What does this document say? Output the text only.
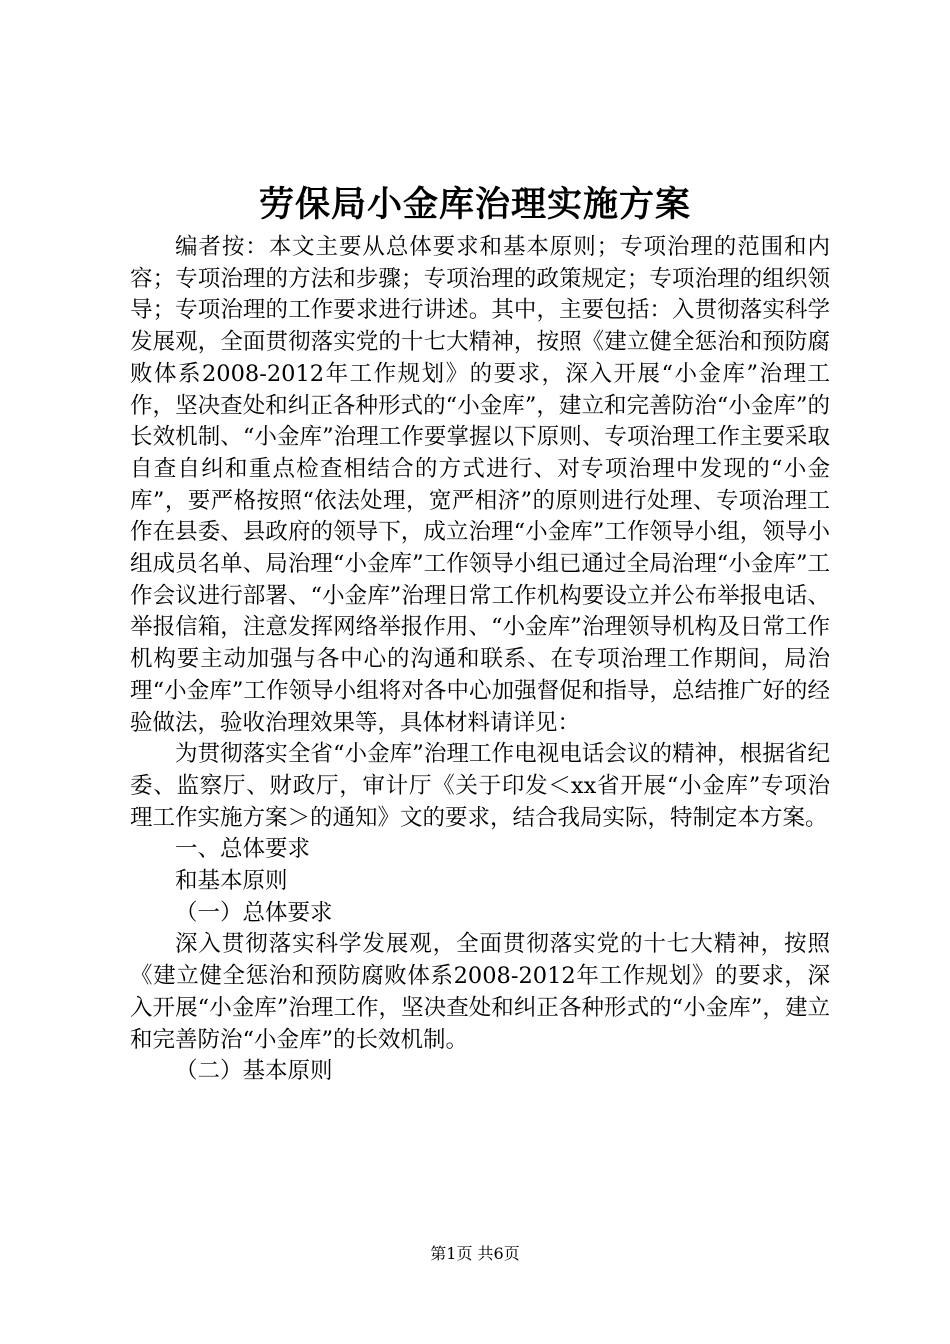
劳保局小金库治理实施方案

编者按：本文主要从总体要求和基本原则；专项治理的范围和内容；专项治理的方法和步骤；专项治理的政策规定；专项治理的组织领导；专项治理的工作要求进行讲述。其中，主要包括：入贯彻落实科学发展观，全面贯彻落实党的十七大精神，按照《建立健全惩治和预防腐败体系2008-2012年工作规划》的要求，深入开展“小金库”治理工作，坚决查处和纠正各种形式的“小金库”，建立和完善防治“小金库”的长效机制、“小金库”治理工作要掌握以下原则、专项治理工作主要采取自查自纠和重点检查相结合的方式进行、对专项治理中发现的“小金库”，要严格按照“依法处理，宽严相济”的原则进行处理、专项治理工作在县委、县政府的领导下，成立治理“小金库”工作领导小组，领导小组成员名单、局治理“小金库”工作领导小组已通过全局治理“小金库”工作会议进行部署、“小金库”治理日常工作机构要设立并公布举报电话、举报信箱，注意发挥网络举报作用、“小金库”治理领导机构及日常工作机构要主动加强与各中心的沟通和联系、在专项治理工作期间，局治理“小金库”工作领导小组将对各中心加强督促和指导，总结推广好的经验做法，验收治理效果等，具体材料请详见：

为贯彻落实全省“小金库”治理工作电视电话会议的精神，根据省纪委、监察厅、财政厅，审计厅《关于印发＜xx省开展“小金库”专项治理工作实施方案＞的通知》文的要求，结合我局实际，特制定本方案。

一、总体要求

和基本原则

（一）总体要求

深入贯彻落实科学发展观，全面贯彻落实党的十七大精神，按照《建立健全惩治和预防腐败体系2008-2012年工作规划》的要求，深入开展“小金库”治理工作，坚决查处和纠正各种形式的“小金库”，建立和完善防治“小金库”的长效机制。

（二）基本原则

第1页 共6页
